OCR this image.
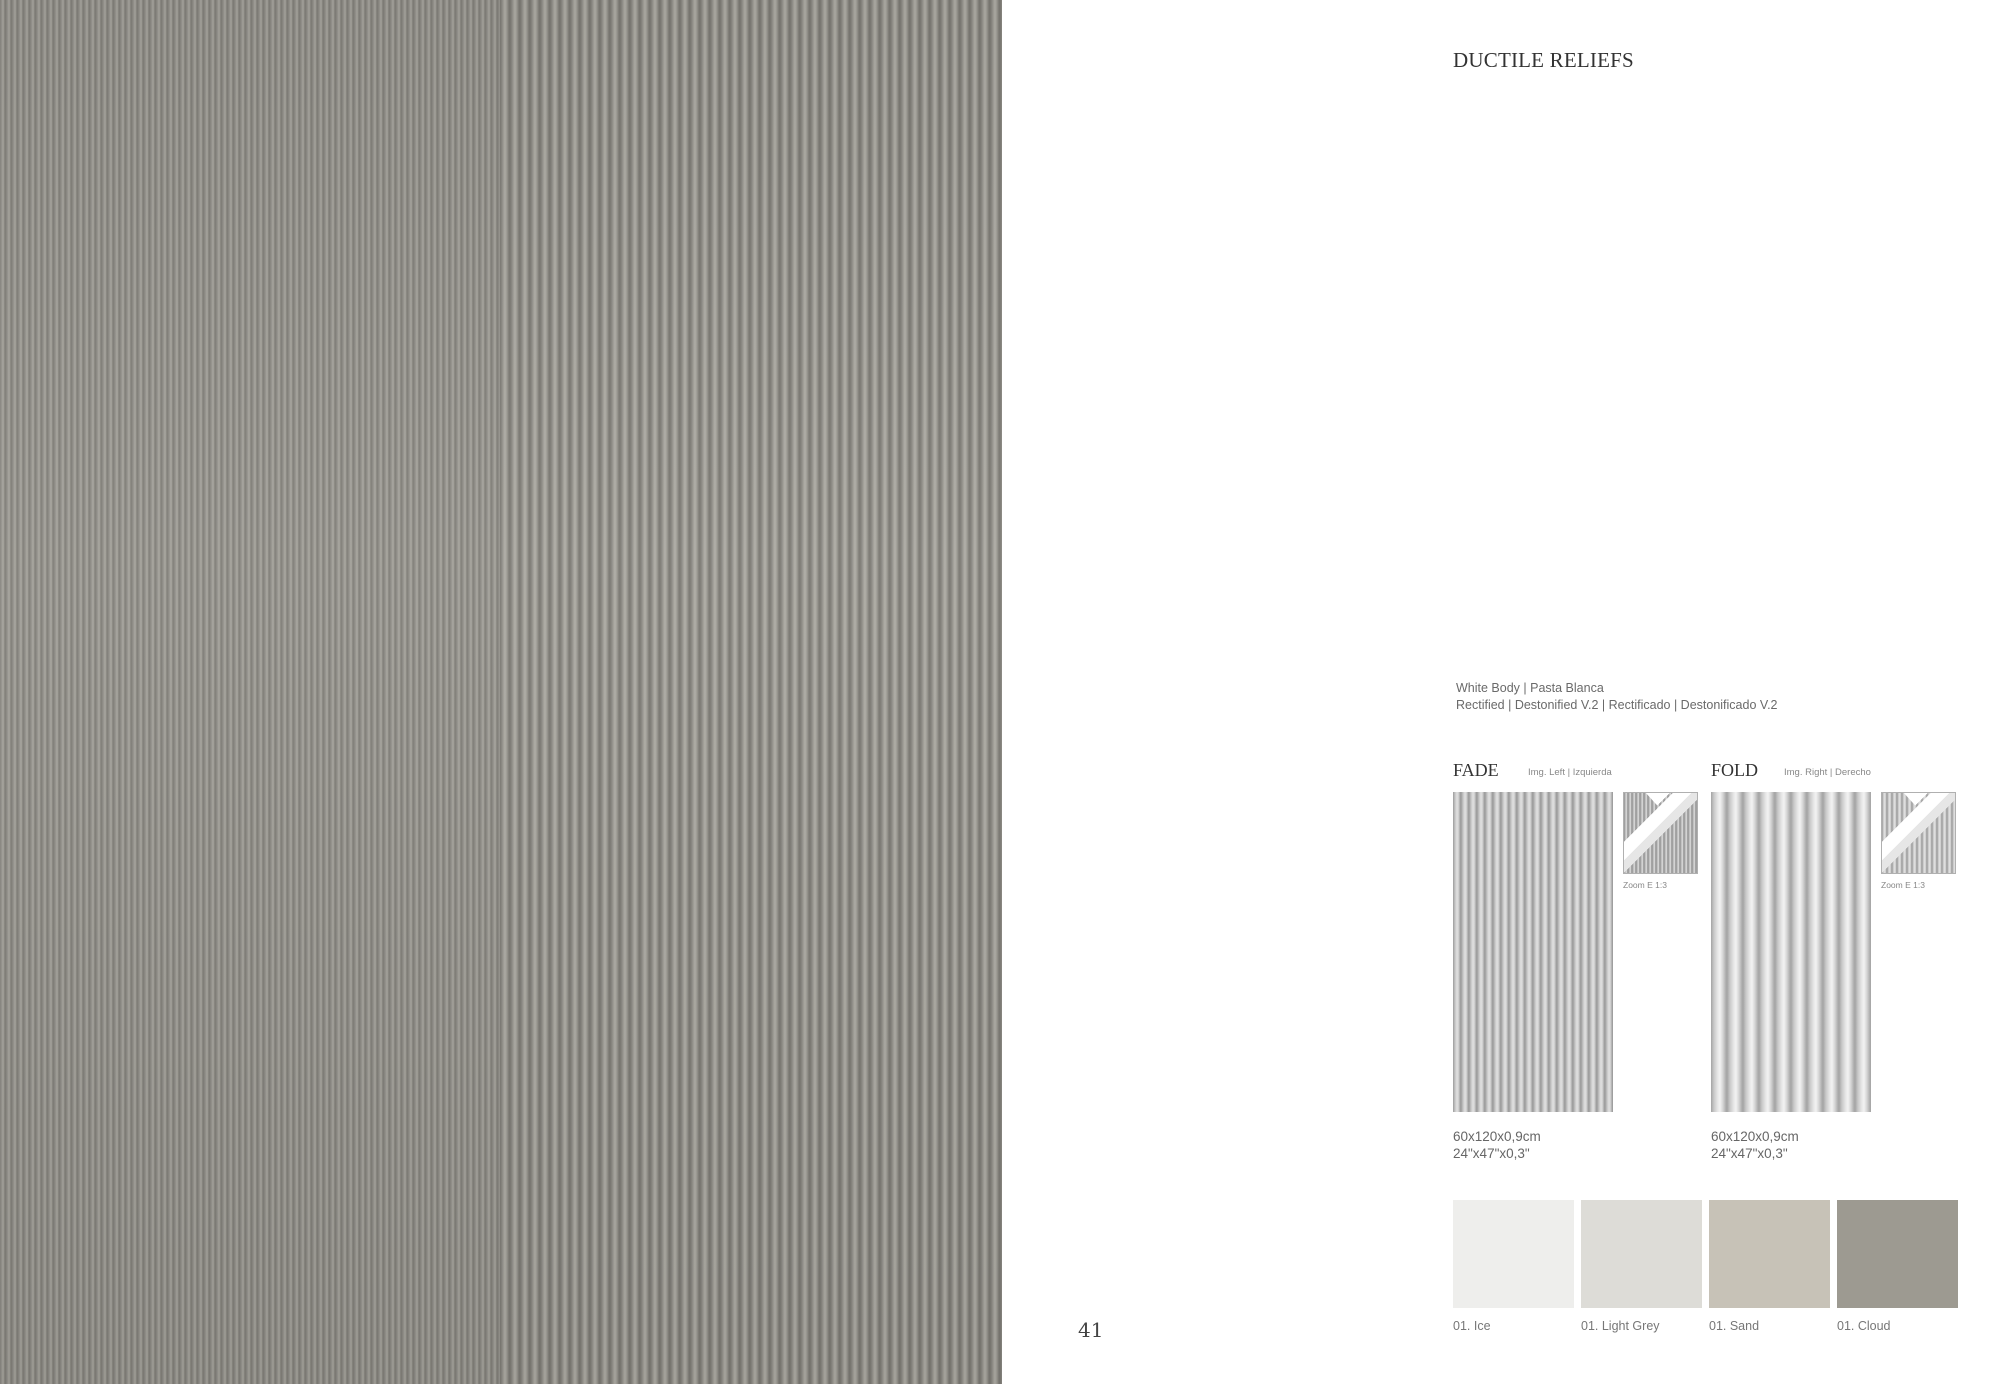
41
DUCTILE RELIEFS
White Body | Pasta Blanca
Rectified | Destonified V.2 | Rectificado | Destonificado V.2
FADE	Img. Left | Izquierda
Zoom E 1:3
60x120x0,9cm
24"x47"x0,3"
FOLD	Img. Right | Derecho
Zoom E 1:3
60x120x0,9cm
24"x47"x0,3"
01. Ice	01. Light Grey	01. Sand	01. Cloud
